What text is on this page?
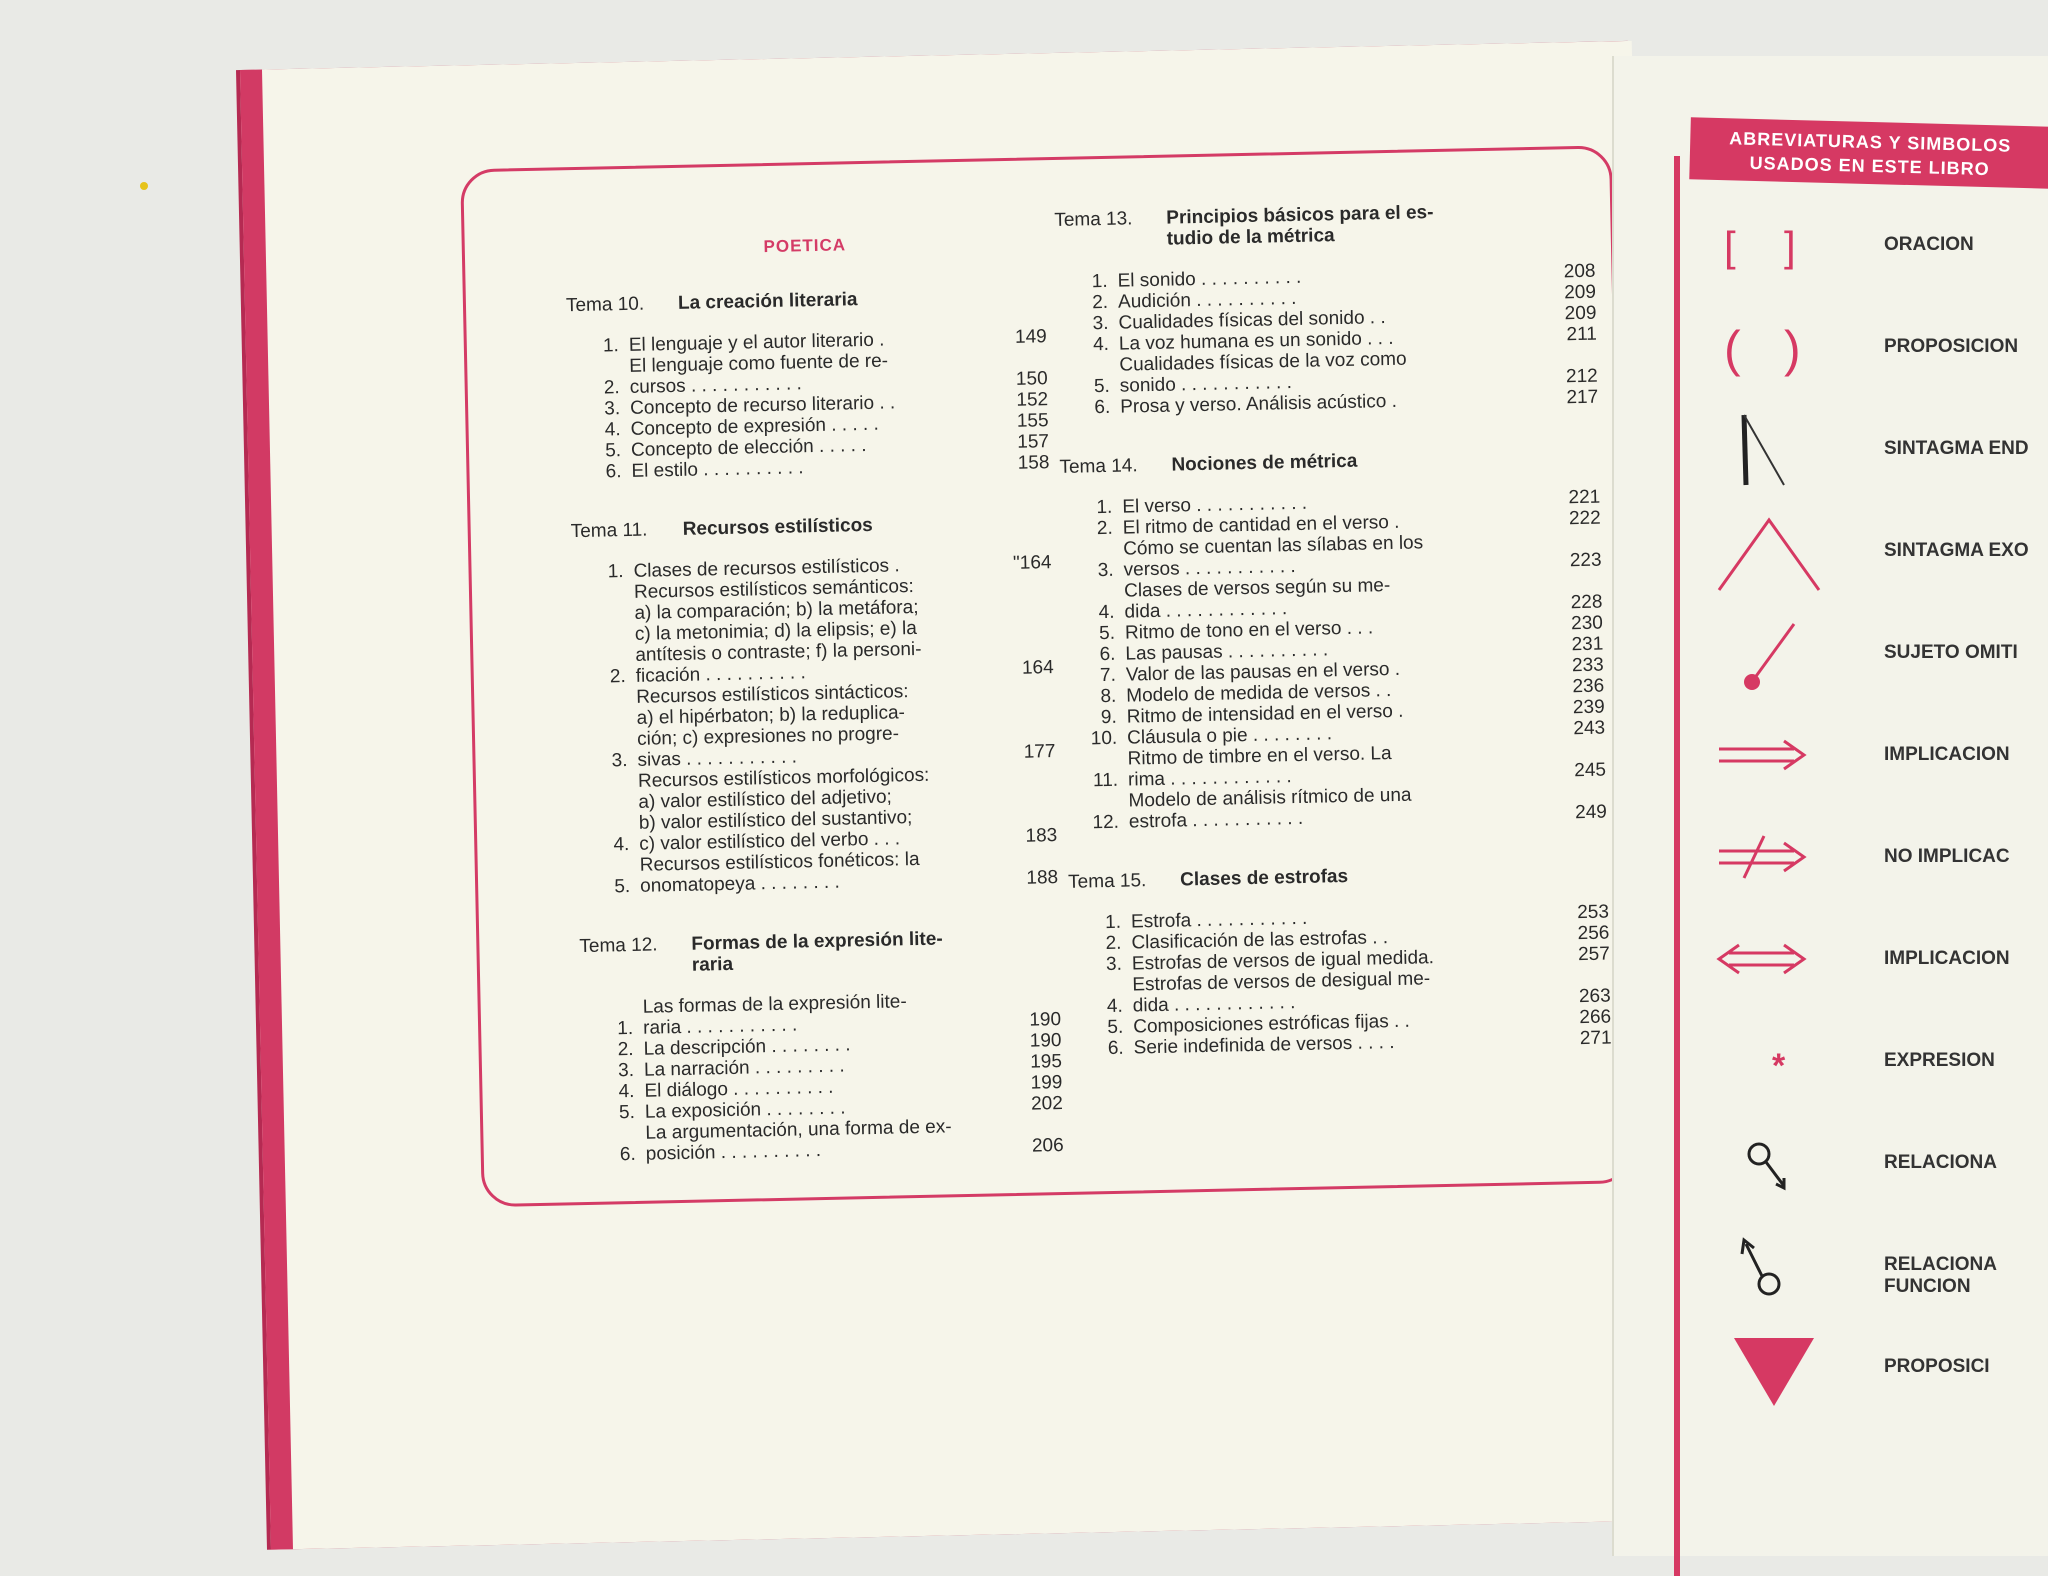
POETICA
Tema 10.	La creación literaria
1. El lenguaje y el autor literario .	149
2.
El lenguaje como fuente de re-
cursos . . . . . . . . . . .	150
3. Concepto de recurso literario . .	152
4. Concepto de expresión . . . . .	155
5. Concepto de elección . . . . .	157
6. El estilo . . . . . . . . . .	158
Tema 11.	Recursos estilísticos
1. Clases de recursos estilísticos .	"164
2.
Recursos estilísticos semánticos:
a) la comparación; b) la metáfora;
c) la metonimia; d) la elipsis; e) la
antítesis o contraste; f) la personi-
ficación . . . . . . . . . .	164
3.
Recursos estilísticos sintácticos:
a) el hipérbaton; b) la reduplica-
ción; c) expresiones no progre-
sivas . . . . . . . . . . .	177
4.
Recursos estilísticos morfológicos:
a) valor estilístico del adjetivo;
b) valor estilístico del sustantivo;
c) valor estilístico del verbo . . .	183
5.
Recursos estilísticos fonéticos: la
onomatopeya . . . . . . . .	188
Tema 12.	Formas de la expresión lite-
raria
1.
Las formas de la expresión lite-
raria . . . . . . . . . . .	190
2. La descripción . . . . . . . .	190
3. La narración . . . . . . . . .	195
4. El diálogo . . . . . . . . . .	199
5. La exposición . . . . . . . .	202
6.
La argumentación, una forma de ex-
posición . . . . . . . . . .	206
Tema 13.	Principios básicos para el es-
tudio de la métrica
1. El sonido . . . . . . . . . .	208
2. Audición . . . . . . . . . .	209
3. Cualidades físicas del sonido . .	209
4. La voz humana es un sonido . . .	211
5.
Cualidades físicas de la voz como
sonido . . . . . . . . . . .	212
6. Prosa y verso. Análisis acústico .	217
Tema 14.	Nociones de métrica
1. El verso . . . . . . . . . . .	221
2. El ritmo de cantidad en el verso .	222
3.
Cómo se cuentan las sílabas en los
versos . . . . . . . . . . .	223
4.
Clases de versos según su me-
dida . . . . . . . . . . . .	228
5. Ritmo de tono en el verso . . .	230
6. Las pausas . . . . . . . . . .	231
7. Valor de las pausas en el verso .	233
8. Modelo de medida de versos . .	236
9. Ritmo de intensidad en el verso .	239
10. Cláusula o pie . . . . . . . .	243
11.
Ritmo de timbre en el verso. La
rima . . . . . . . . . . . .	245
12.
Modelo de análisis rítmico de una
estrofa . . . . . . . . . . .	249
Tema 15.	Clases de estrofas
1. Estrofa . . . . . . . . . . .	253
2. Clasificación de las estrofas . .	256
3. Estrofas de versos de igual medida.	257
4.
Estrofas de versos de desigual me-
dida . . . . . . . . . . . .	263
5. Composiciones estróficas fijas . .	266
6. Serie indefinida de versos . . . .	271
ABREVIATURAS Y SIMBOLOS
USADOS EN ESTE LIBRO
[ ]	ORACION
( )	PROPOSICION
SINTAGMA END
SINTAGMA EXO
SUJETO OMITI
IMPLICACION
NO IMPLICAC
IMPLICACION
*	EXPRESION
RELACIONA
RELACIONA
FUNCION
PROPOSICI
